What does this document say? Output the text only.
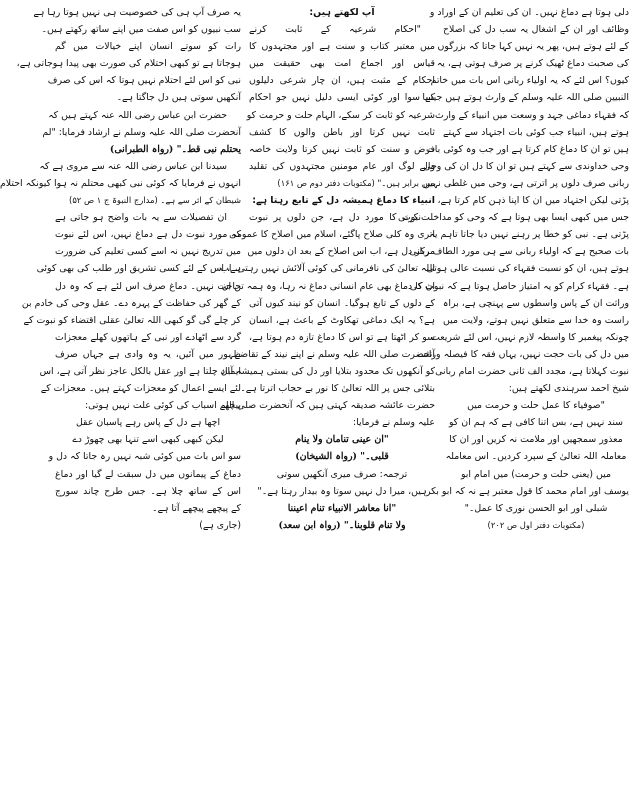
دلی ہوتا ہے دماغ نہیں۔ ان کی تعلیم ان کے اوراد و
وظائف اور ان کے اشغال یہ سب دل کی اصلاح
کے لئے ہوتے ہیں، پھر یہ نہیں کہا جاتا کہ بزرگوں
کی صحبت دماغ ٹھیک کرنے پر صرف ہوتی ہے، یہ
کیوں؟ اس لئے کہ یہ اولیاء ربانی اس بات میں خاتم
النبیین صلی اللہ علیہ وسلم کے وارث ہوتے ہیں جیسا
کہ فقہاء دماغی جہد و وسعت میں انبیاء کے وارث
ہوتے ہیں، انبیاء جب کوئی بات اجتہاد سے کہتے
ہیں تو ان کا دماغ کام کرتا ہے اور جب وہ کوئی بات
وحی خداوندی سے کہتے ہیں تو ان کا دل ان کی وحی
ربانی صرف دلوں پر اترتی ہے، وحی میں غلطی نہیں
پڑتی لیکن اجتہاد میں ان کا اپنا ذہن کام کرتا ہے،
جس میں کبھی ایسا بھی ہوتا ہے کہ وحی کو مداخلت کرنی
پڑتی ہے۔ نبی کو خطا پر رہنے نہیں دیا جاتا تاہم یہ
بات صحیح ہے کہ اولیاء ربانی سے ہی مورد الطاف ربانی
ہوتے ہیں، ان کو نسبت فقہاء کی نسبت عالی ہوتی
ہے۔ فقہاء کرام کو یہ امتیاز حاصل ہوتا ہے کہ نبوت کی
وراثت ان کے پاس واسطوں سے پہنچی ہے، براہ
راست وہ خدا سے متعلق نہیں ہوتے، ولایت میں
چونکہ پیغمبر کا واسطہ لازم نہیں، اس لئے شریعت
میں دل کی بات حجت نہیں، یہاں فقہ کا فیصلہ وراثت
نبوت کہلاتا ہے، مجدد الف ثانی حضرت امام ربانی
شیخ احمد سرہندی لکھتے ہیں:
"صوفیاء کا عمل حلت و حرمت میں
سند نہیں ہے، بس اتنا کافی ہے کہ ہم ان کو
معذور سمجھیں اور ملامت نہ کریں اور ان کا
معاملہ اللہ تعالیٰ کے سپرد کردیں۔ اس معاملہ
میں (یعنی حلت و حرمت) میں امام ابو
یوسف اور امام محمد کا قول معتبر ہے نہ کہ ابو بکر
شبلی اور ابو الحسن نوری کا عمل۔"
(مکتوبات دفتر اول ص ۲۰۲)
آپ لکھتے ہیں:
"احکام شرعیہ کے ثابت کرنے
میں معتبر کتاب و سنت ہے اور مجتہدوں کا
قیاس اور اجماع امت بھی حقیقت میں
احکام کے مثبت ہیں، ان چار شرعی دلیلوں
کے سوا اور کوئی ایسی دلیل نہیں جو احکام
شرعیہ کو ثابت کر سکے، الہام حلت و حرمت کو
ثابت نہیں کرتا اور باطن والوں کا کشف
فرض و سنت کو ثابت نہیں کرتا ولایت خاصہ
والے لوگ اور عام مومنین مجتہدوں کی تقلید
میں برابر ہیں۔" (مکتوبات دفتر دوم ص ۱۶۱)
انبیاء کا دماغ ہمیشہ دل کے تابع رہتا ہے:
نبوت کا مورد دل ہے، جن دلوں پر نبوت
اتری وہ کلی صلاح پاگئے، اسلام میں اصلاح کا عمومی
مرکز دل ہے، اب اس اصلاح کے بعد ان دلوں میں
اللہ تعالیٰ کی نافرمانی کی کوئی آلائش نہیں رہتی، اب
ان کا دماغ بھی عام انسانی دماغ نہ رہا، وہ ہمہ تن ان
کے دلوں کے تابع ہوگیا۔ انسان کو نیند کیوں آتی
ہے؟ یہ ایک دماغی تھکاوٹ کے باعث ہے، انسان
سو کر اٹھتا ہے تو اس کا دماغ تازہ دم ہوتا ہے،
آنحضرت صلی اللہ علیہ وسلم نے اپنے نیند کے تقاضے
کو آنکھوں تک محدود بتلایا اور دل کی بستی ہمیشہ آباد
بتلائی جس پر اللہ تعالیٰ کا نور بے حجاب اترتا ہے۔
حضرت عائشہ صدیقہ کہتی ہیں کہ آنحضرت صلی اللہ
علیہ وسلم نے فرمایا:
"ان عینی تنامان ولا ینام
قلبی۔" (رواہ الشیخان)
ترجمہ: صرف میری آنکھیں سوتی
ہیں، میرا دل نہیں سوتا وہ بیدار رہتا ہے۔"
"انا معاشر الانبیاء تنام اعیننا
ولا تنام قلوبنا۔" (رواہ ابن سعد)
یہ صرف آپ ہی کی خصوصیت ہی نہیں ہوتا رہا ہے
سب نبیوں کو اس صفت میں اپنے ساتھ رکھتے ہیں۔
رات کو سوتے انسان اپنے خیالات میں گم
ہوجاتا ہے تو کبھی احتلام کی صورت بھی پیدا ہوجاتی ہے،
نبی کو اس لئے احتلام نہیں ہوتا کہ اس کی صرف
آنکھیں سوتی ہیں دل جاگتا ہے۔
حضرت ابن عباس رضی اللہ عنہ کہتے ہیں کہ
آنحضرت صلی اللہ علیہ وسلم نے ارشاد فرمایا: "لم
یحتلم نبی قط۔" (رواہ الطبرانی)
سیدنا ابن عباس رضی اللہ عنہ سے مروی ہے کہ
انہوں نے فرمایا کہ کوئی نبی کبھی محتلم نہ ہوا کیونکہ احتلام
شیطان کے اثر سے ہے۔ (مدارج النبوۃ ج ۱ ص ۵۲)
ان تفصیلات سے یہ بات واضح ہو جاتی ہے
کہ مورد نبوت دل ہے دماغ نہیں، اس لئے نبوت
میں تدریج نہیں نہ اسے کسی تعلیم کی ضرورت
ہے، اس کے لئے کسی تشریق اور طلب کی بھی کوئی
حاجت نہیں۔ دماغ صرف اس لئے ہے کہ وہ دل
کے گھر کی حفاظت کے پہرہ دے۔ عقل وحی کی خادم بن
کر چلے گی گو کبھی اللہ تعالیٰ عقلی اقتضاء کو نبوت کے
گرد سے اٹھادے اور نبی کے ہاتھوں کھلے معجزات
ظہور میں آئیں، یہ وہ وادی ہے جہاں صرف
ایمان چلتا ہے اور عقل بالکل عاجز نظر آتی ہے، اس
لئے ایسے اعمال کو معجزات کہتے ہیں۔ معجزات کے
پیچھے اسباب کی کوئی علت نہیں ہوتی:
اچھا ہے دل کے پاس رہے پاسبان عقل
لیکن کبھی کبھی اسے تنہا بھی چھوڑ دے
سو اس بات میں کوئی شبہ نہیں رہ جاتا کہ دل و
دماغ کے پیمانوں میں دل سبقت لے گیا اور دماغ
اس کے ساتھ چلا ہے۔ جس طرح چاند سورج
کے پیچھے پیچھے آتا ہے۔
(جاری ہے)
